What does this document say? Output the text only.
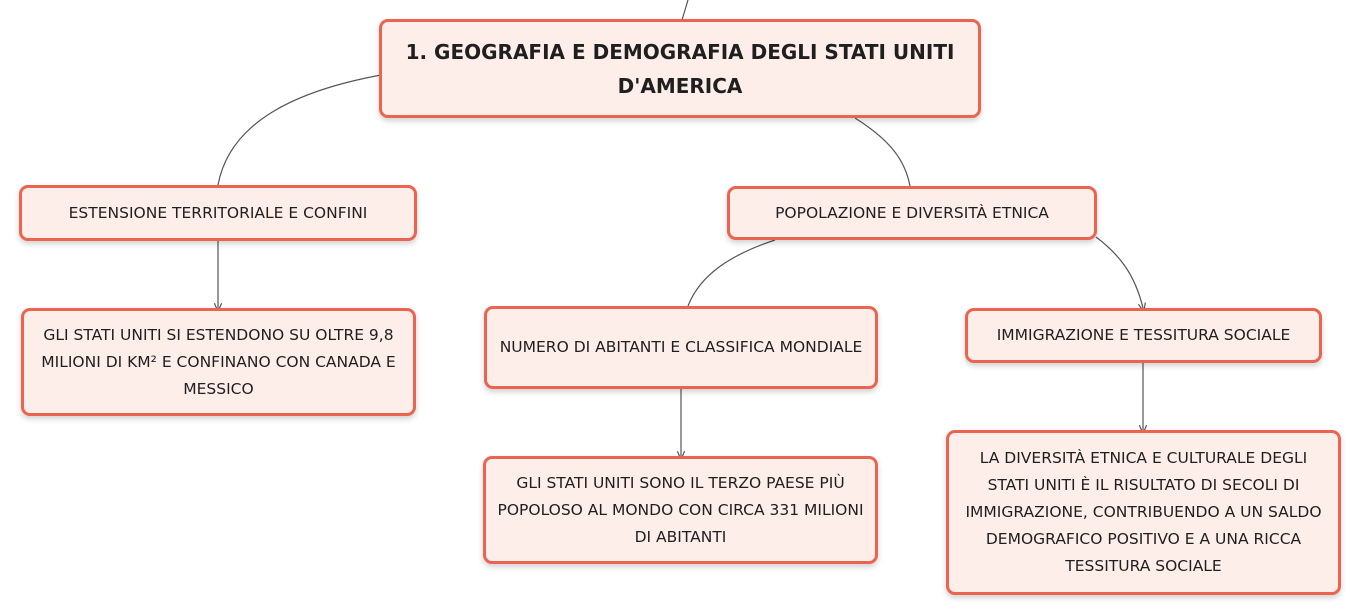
1. GEOGRAFIA E DEMOGRAFIA DEGLI STATI UNITI D'AMERICA
ESTENSIONE TERRITORIALE E CONFINI
GLI STATI UNITI SI ESTENDONO SU OLTRE 9,8 MILIONI DI KM² E CONFINANO CON CANADA E MESSICO
POPOLAZIONE E DIVERSITÀ ETNICA
NUMERO DI ABITANTI E CLASSIFICA MONDIALE
GLI STATI UNITI SONO IL TERZO PAESE PIÙ POPOLOSO AL MONDO CON CIRCA 331 MILIONI DI ABITANTI
IMMIGRAZIONE E TESSITURA SOCIALE
LA DIVERSITÀ ETNICA E CULTURALE DEGLI STATI UNITI È IL RISULTATO DI SECOLI DI IMMIGRAZIONE, CONTRIBUENDO A UN SALDO DEMOGRAFICO POSITIVO E A UNA RICCA TESSITURA SOCIALE
